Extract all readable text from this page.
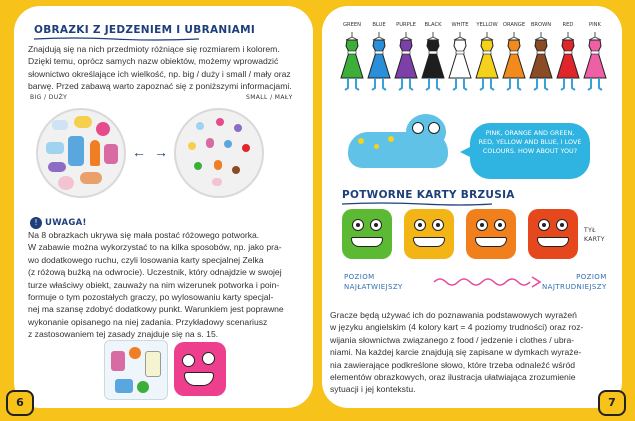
OBRAZKI Z JEDZENIEM I UBRANIAMI
Znajdują się na nich przedmioty różniące się rozmiarem i kolorem.
Dzięki temu, oprócz samych nazw obiektów, możemy wprowadzić
słownictwo określające ich wielkość, np. big / duży i small / mały oraz
barwę. Przed zabawą warto zapoznać się z poniższymi informacjami.
BIG / DUŻY	SMALL / MAŁY
← →
! UWAGA!
Na 8 obrazkach ukrywa się mała postać różowego potworka.
W zabawie można wykorzystać to na kilka sposobów, np. jako pra-
wo dodatkowego ruchu, czyli losowania karty specjalnej Zelka
(z różową buźką na odwrocie). Uczestnik, który odnajdzie w swojej
turze właściwy obiekt, zauważy na nim wizerunek potworka i poin-
formuje o tym pozostałych graczy, po wylosowaniu karty specjal-
nej ma szansę zdobyć dodatkowy punkt. Warunkiem jest poprawne
wykonanie opisanego na niej zadania. Przykładowy scenariusz
z zastosowaniem tej zasady znajduje się na s. 15.
6
GREEN	BLUE	PURPLE	BLACK	WHITE	YELLOW	ORANGE	BROWN	RED	PINK
PINK, ORANGE AND GREEN, RED, YELLOW AND BLUE, I LOVE COLOURS. HOW ABOUT YOU?
POTWORNE KARTY BRZUSIA
TYŁ
KARTY
POZIOM
NAJŁATWIEJSZY
POZIOM
NAJTRUDNIEJSZY
Gracze będą używać ich do poznawania podstawowych wyrażeń
w języku angielskim (4 kolory kart = 4 poziomy trudności) oraz roz-
wijania słownictwa związanego z food / jedzenie i clothes / ubra-
niami. Na każdej karcie znajdują się zapisane w dymkach wyraże-
nia zawierające podkreślone słowo, które trzeba odnaleźć wśród
elementów obrazkowych, oraz ilustracja ułatwiająca zrozumienie
sytuacji i jej kontekstu.
7
